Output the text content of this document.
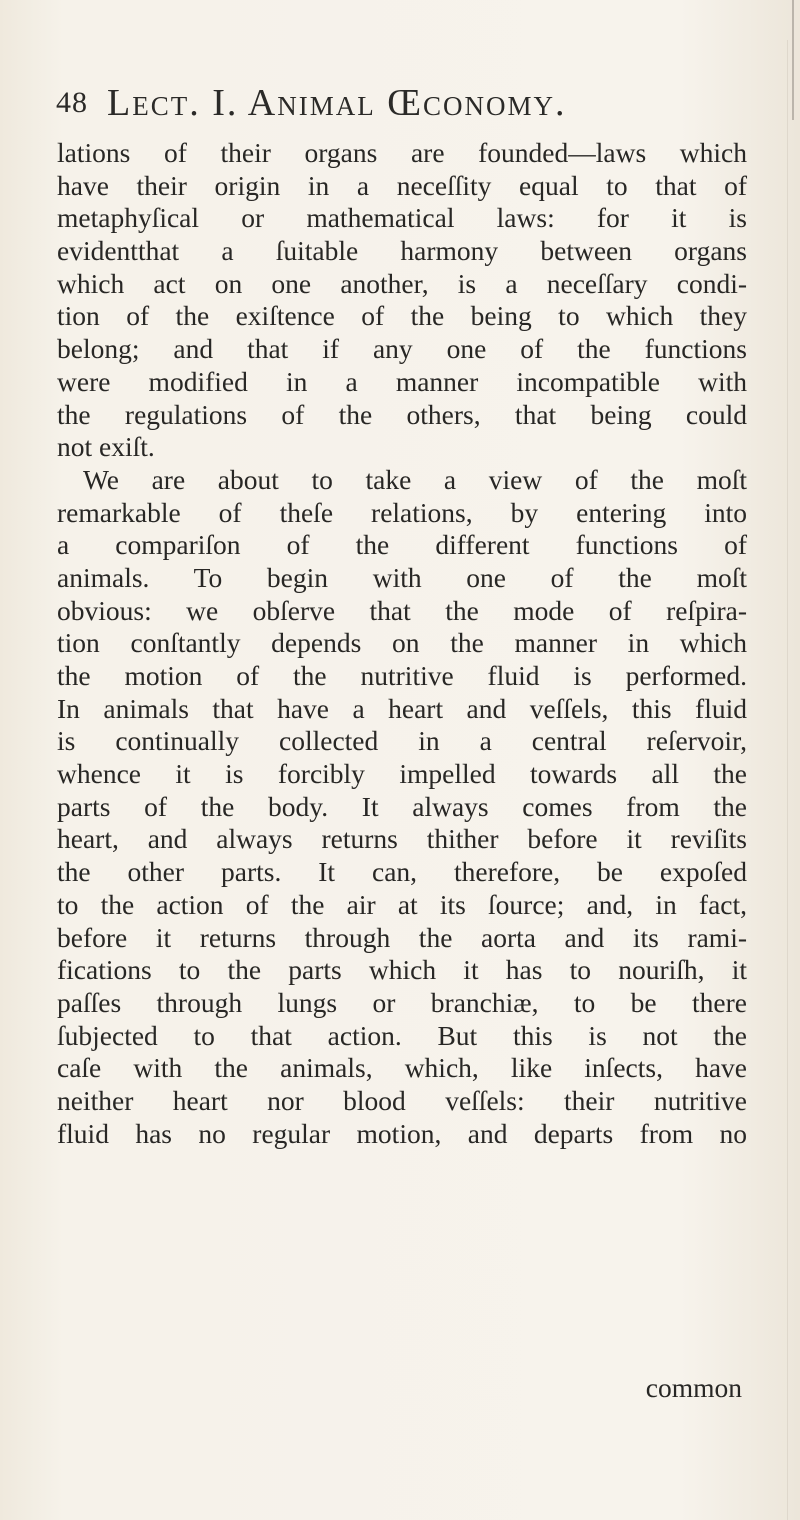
48 Lect. I. Animal Œconomy.
lations of their organs are founded—laws which
have their origin in a neceſſity equal to that of
metaphyſical or mathematical laws: for it is
evidentthat a ſuitable harmony between organs
which act on one another, is a neceſſary condi-
tion of the exiſtence of the being to which they
belong; and that if any one of the functions
were modified in a manner incompatible with
the regulations of the others, that being could
not exiſt.
We are about to take a view of the moſt
remarkable of theſe relations, by entering into
a compariſon of the different functions of
animals. To begin with one of the moſt
obvious: we obſerve that the mode of reſpira-
tion conſtantly depends on the manner in which
the motion of the nutritive fluid is performed.
In animals that have a heart and veſſels, this fluid
is continually collected in a central reſervoir,
whence it is forcibly impelled towards all the
parts of the body. It always comes from the
heart, and always returns thither before it reviſits
the other parts. It can, therefore, be expoſed
to the action of the air at its ſource; and, in fact,
before it returns through the aorta and its rami-
fications to the parts which it has to nouriſh, it
paſſes through lungs or branchiæ, to be there
ſubjected to that action. But this is not the
caſe with the animals, which, like inſects, have
neither heart nor blood veſſels: their nutritive
fluid has no regular motion, and departs from no
common
